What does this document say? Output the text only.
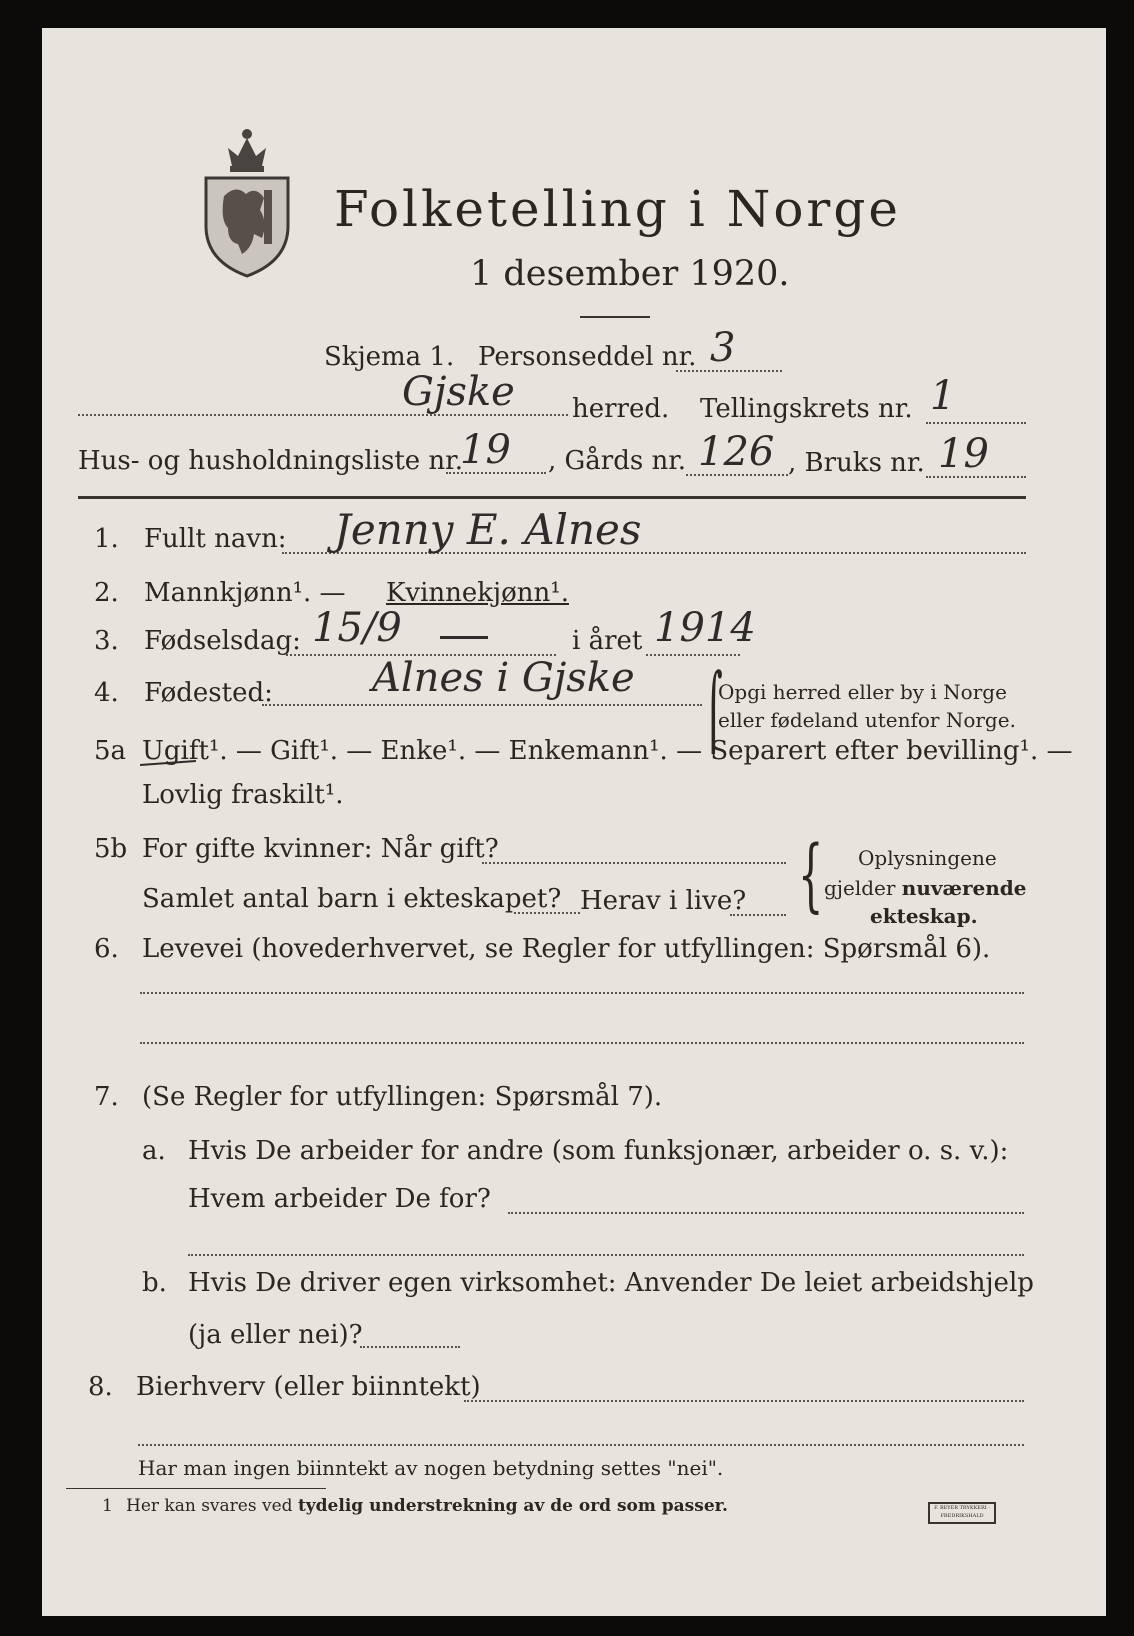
Folketelling i Norge
1 desember 1920.
Skjema 1. Personseddel nr. 3
Gjske herred. Tellingskrets nr. 1
Hus- og husholdningsliste nr.
19 , Gårds nr. 126 , Bruks nr. 19
1. Fullt navn: Jenny E. Alnes
2. Mannkjønn¹. — Kvinnekjønn¹.
3. Fødselsdag: 15/9	i året 1914
4. Fødested: Alnes i Gjske ⌠
Opgi herred eller by i Norge
eller fødeland utenfor Norge.
5a Ugift¹. — Gift¹. — Enke¹. — Enkemann¹. — Separert efter bevilling¹. —
Lovlig fraskilt¹.
5b For gifte kvinner: Når gift?
Samlet antal barn i ekteskapet? Herav i live? { Oplysningene
gjelder nuværende
ekteskap.
6. Levevei (hovederhvervet, se Regler for utfyllingen: Spørsmål 6).
7. (Se Regler for utfyllingen: Spørsmål 7).
a. Hvis De arbeider for andre (som funksjonær, arbeider o. s. v.):
Hvem arbeider De for?
b. Hvis De driver egen virksomhet: Anvender De leiet arbeidshjelp
(ja eller nei)?
8. Bierhverv (eller biinntekt)
Har man ingen biinntekt av nogen betydning settes "nei".
1 Her kan svares ved tydelig understrekning av de ord som passer.	F. BEYER TRYKKERI · FREDRIKSHALD
